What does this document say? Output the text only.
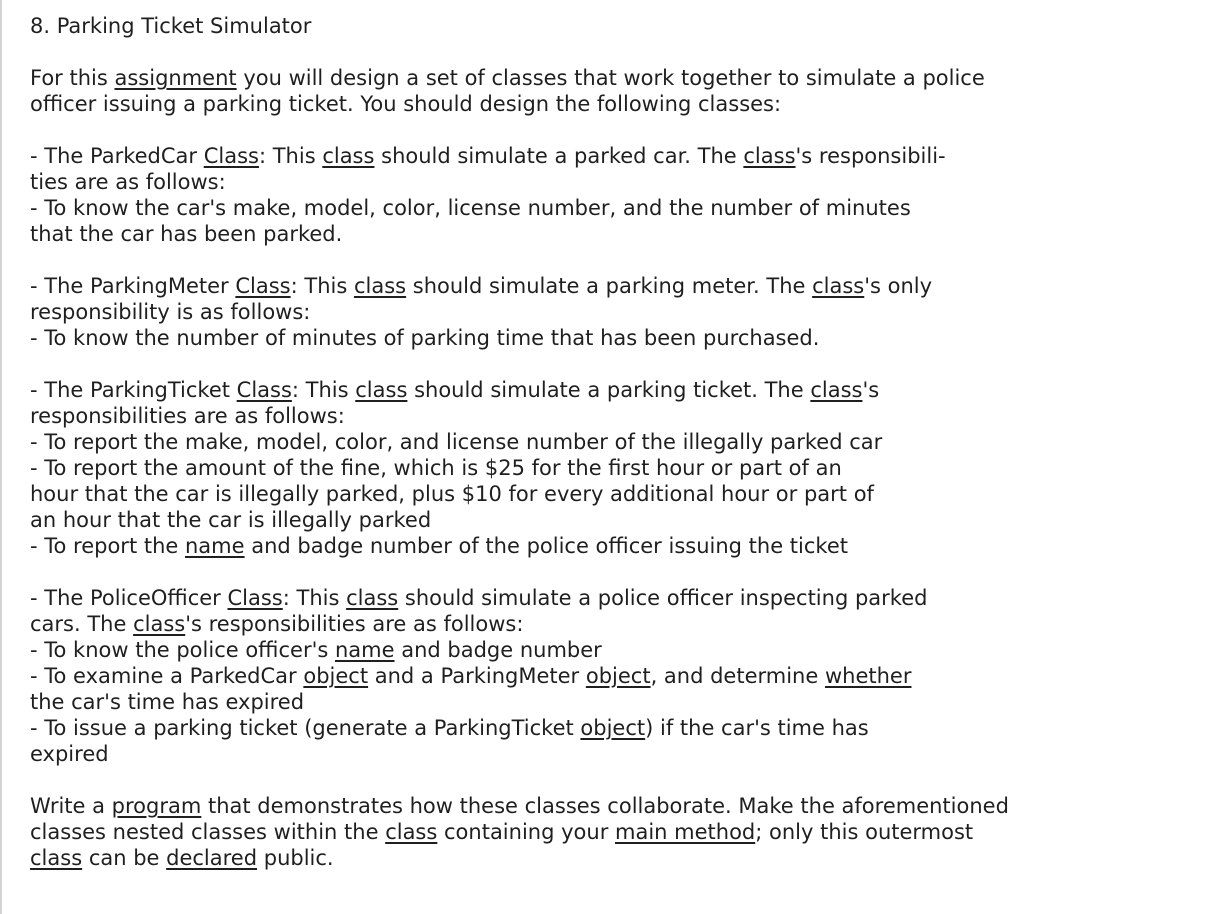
8. Parking Ticket Simulator
For this assignment you will design a set of classes that work together to simulate a police
officer issuing a parking ticket. You should design the following classes:
- The ParkedCar Class: This class should simulate a parked car. The class's responsibili-
ties are as follows:
- To know the car's make, model, color, license number, and the number of minutes
that the car has been parked.
- The ParkingMeter Class: This class should simulate a parking meter. The class's only
responsibility is as follows:
- To know the number of minutes of parking time that has been purchased.
- The ParkingTicket Class: This class should simulate a parking ticket. The class's
responsibilities are as follows:
- To report the make, model, color, and license number of the illegally parked car
- To report the amount of the fine, which is $25 for the first hour or part of an
hour that the car is illegally parked, plus $10 for every additional hour or part of
an hour that the car is illegally parked
- To report the name and badge number of the police officer issuing the ticket
- The PoliceOfficer Class: This class should simulate a police officer inspecting parked
cars. The class's responsibilities are as follows:
- To know the police officer's name and badge number
- To examine a ParkedCar object and a ParkingMeter object, and determine whether
the car's time has expired
- To issue a parking ticket (generate a ParkingTicket object) if the car's time has
expired
Write a program that demonstrates how these classes collaborate. Make the aforementioned
classes nested classes within the class containing your main method; only this outermost
class can be declared public.
